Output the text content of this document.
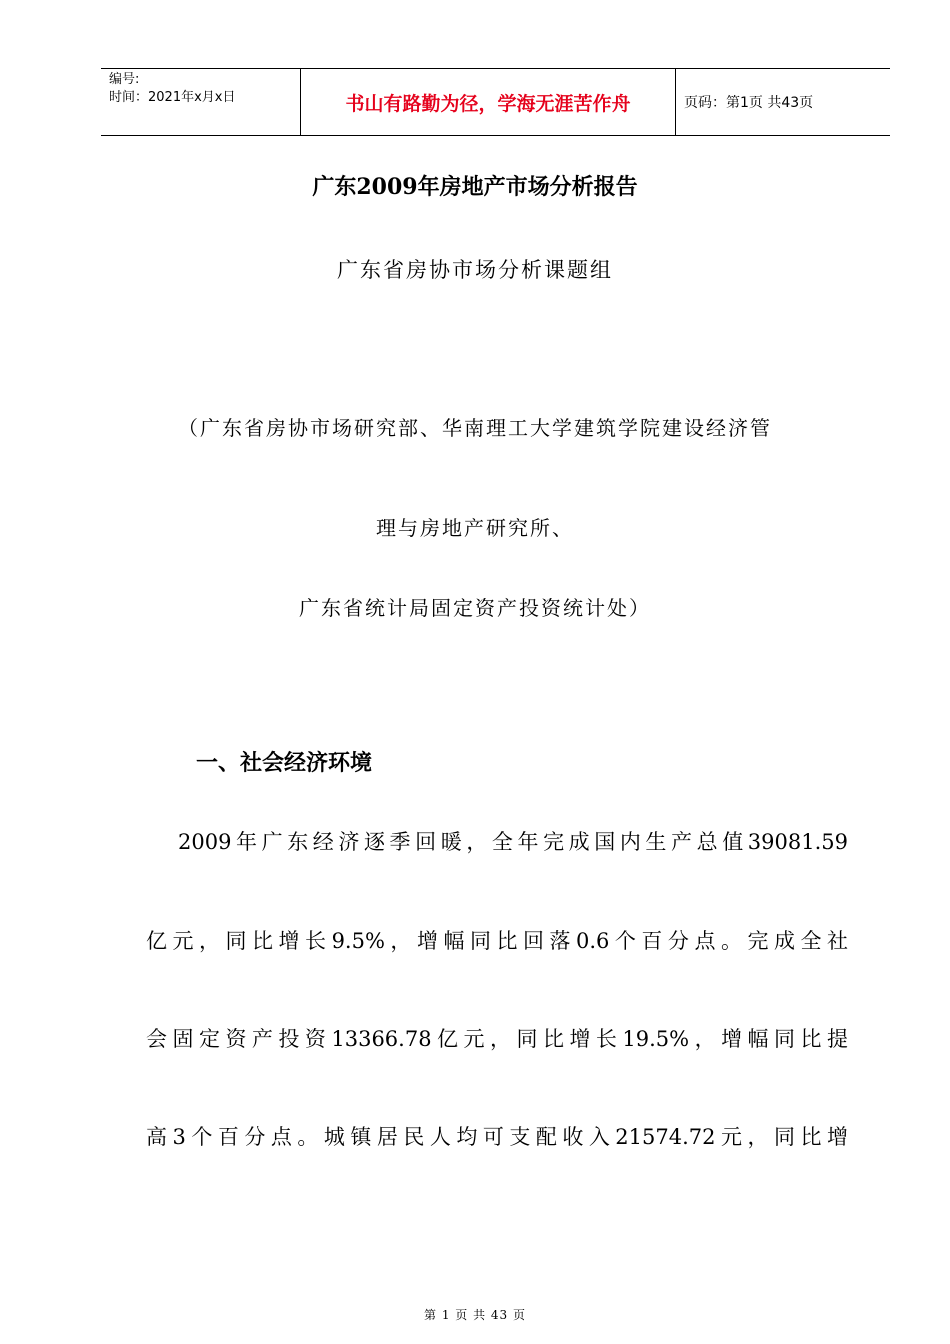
编号:
时间：2021年x月x日	书山有路勤为径，学海无涯苦作舟	页码：第1页 共43页
广东2009年房地产市场分析报告
广东省房协市场分析课题组
（广东省房协市场研究部、华南理工大学建筑学院建设经济管
理与房地产研究所、
广东省统计局固定资产投资统计处）
一、社会经济环境
2009年广东经济逐季回暖，全年完成国内生产总值39081.59
亿元，同比增长9.5%，增幅同比回落0.6个百分点。完成全社
会固定资产投资13366.78亿元，同比增长19.5%，增幅同比提
高3个百分点。城镇居民人均可支配收入21574.72元，同比增
第 1 页 共 43 页
